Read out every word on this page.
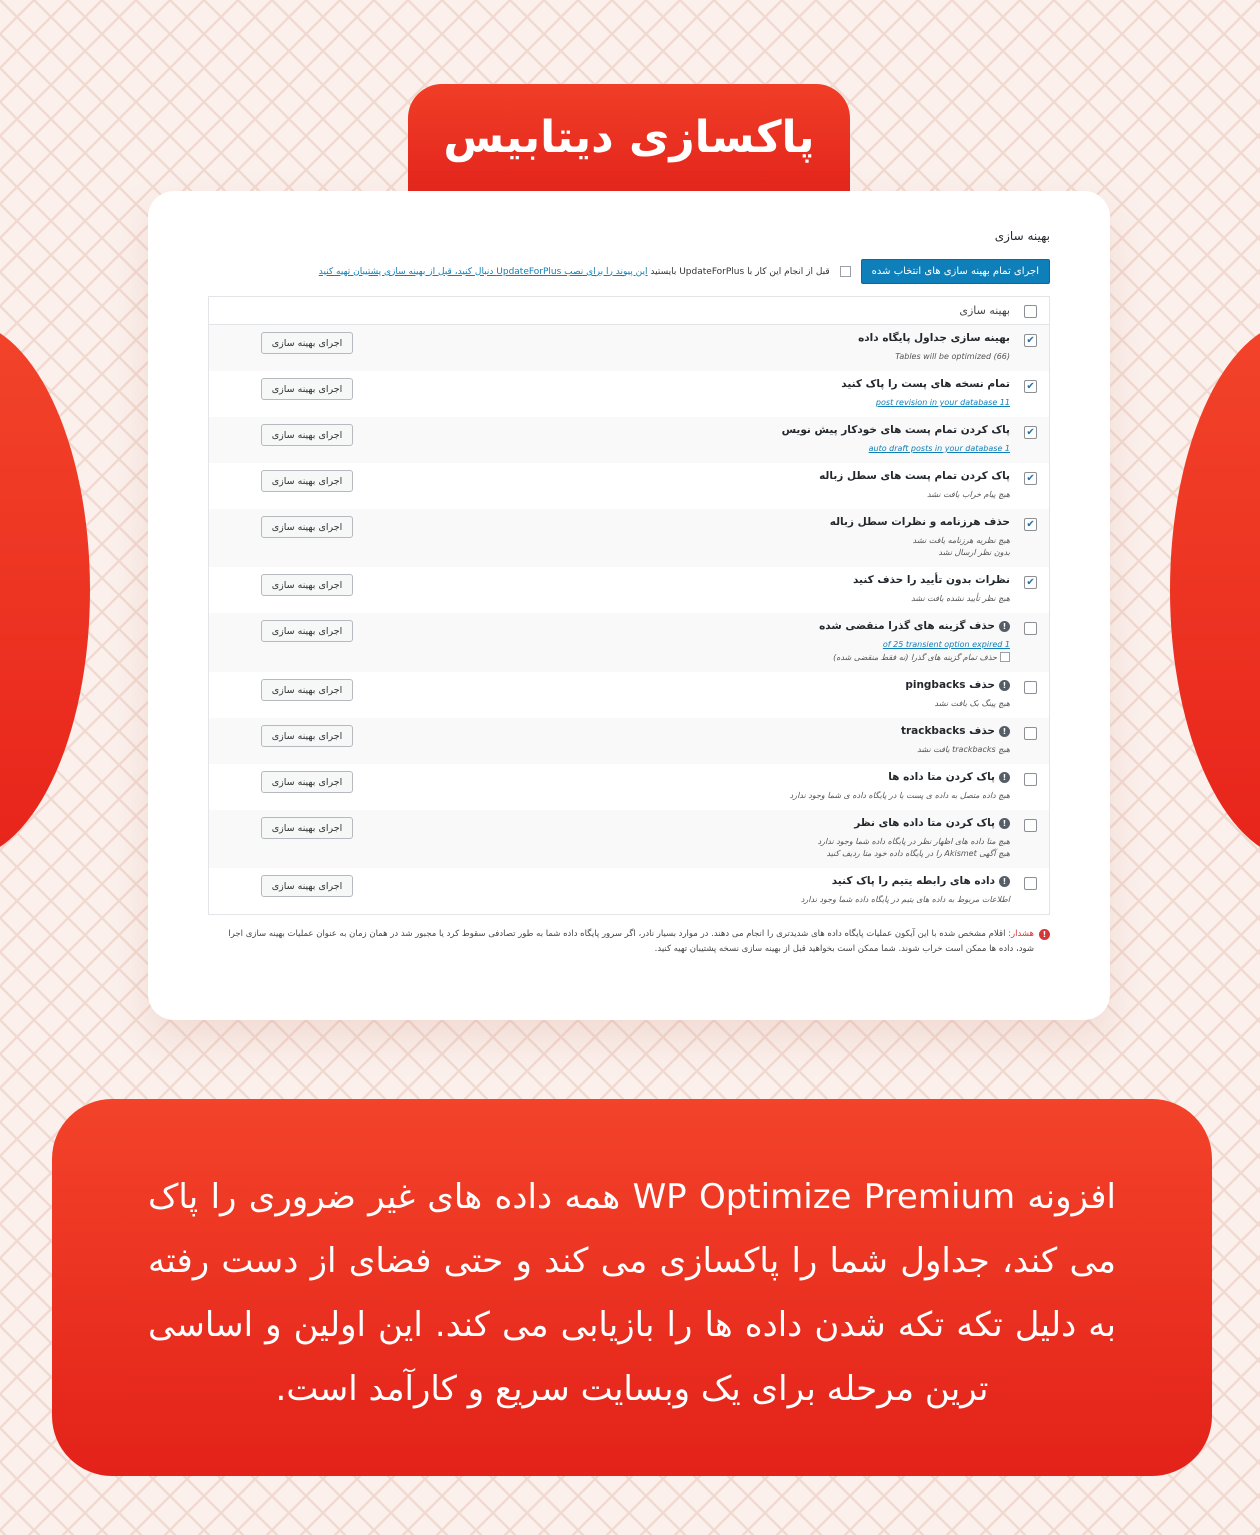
پاکسازی دیتابیس
بهینه سازی
اجرای تمام بهینه سازی های انتخاب شده
قبل از انجام این کار با UpdateForPlus بایستید این پیوند را برای نصب UpdateForPlus دنبال کنید، قبل از بهینه سازی پشتیبان تهیه کنید
بهینه سازی
✔
بهینه سازی جداول پایگاه داده
Tables will be optimized (66)
اجرای بهینه سازی
✔
تمام نسخه های پست را پاک کنید
post revision in your database 11
اجرای بهینه سازی
✔
پاک کردن تمام پست های خودکار پیش نویس
auto draft posts in your database 1
اجرای بهینه سازی
✔
پاک کردن تمام پست های سطل زباله
هیچ پیام خراب یافت نشد
اجرای بهینه سازی
✔
حذف هرزنامه و نظرات سطل زباله
هیچ نظریه هرزنامه یافت نشد
بدون نظر ارسال نشد
اجرای بهینه سازی
✔
نظرات بدون تأیید را حذف کنید
هیچ نظر تأیید نشده یافت نشد
اجرای بهینه سازی
!
حذف گزینه های گذرا منقضی شده
of 25 transient option expired 1
حذف تمام گزینه های گذرا (نه فقط منقضی شده)
اجرای بهینه سازی
!
حذف pingbacks
هیچ پینگ بک یافت نشد
اجرای بهینه سازی
!
حذف trackbacks
هیچ trackbacks یافت نشد
اجرای بهینه سازی
!
پاک کردن متا داده ها
هیچ داده متصل به داده ی پست یا در پایگاه داده ی شما وجود ندارد
اجرای بهینه سازی
!
پاک کردن متا داده های نظر
هیچ متا داده های اظهار نظر در پایگاه داده شما وجود ندارد
هیچ آگهی Akismet را در پایگاه داده خود متا ردیف کنید
اجرای بهینه سازی
!
داده های رابطه یتیم را پاک کنید
اطلاعات مربوط به داده های یتیم در پایگاه داده شما وجود ندارد
اجرای بهینه سازی
!
هشدار: اقلام مشخص شده با این آیکون عملیات پایگاه داده های شدیدتری را انجام می دهند. در موارد بسیار نادر، اگر سرور پایگاه داده شما به طور تصادفی سقوط کرد یا مجبور شد در همان زمان به عنوان عملیات بهینه سازی اجرا شود، داده ها ممکن است خراب شوند. شما ممکن است بخواهید قبل از بهینه سازی نسخه پشتیبان تهیه کنید.

افزونه WP Optimize Premium همه داده های غیر ضروری را پاک می کند، جداول شما را پاکسازی می کند و حتی فضای از دست رفته به دلیل تکه تکه شدن داده ها را بازیابی می کند. این اولین و اساسی ترین مرحله برای یک وبسایت سریع و کارآمد است.
